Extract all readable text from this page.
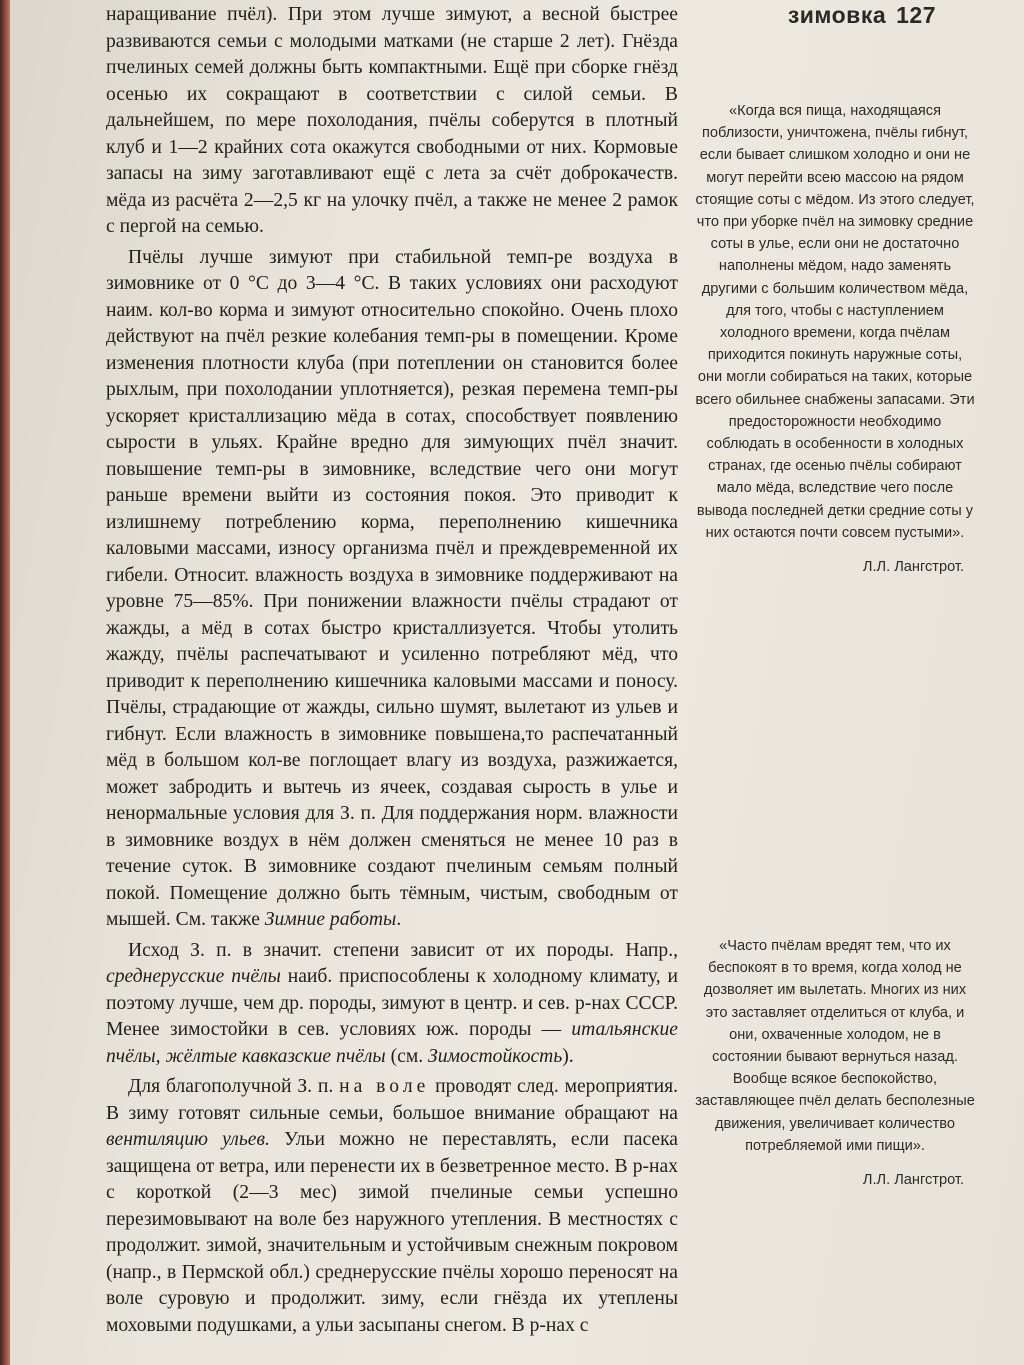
зимовка 127

наращивание пчёл). При этом лучше зимуют, а весной быстрее развиваются семьи с молодыми матками (не старше 2 лет). Гнёзда пчелиных семей должны быть компактными. Ещё при сборке гнёзд осенью их сокращают в соответствии с силой семьи. В дальнейшем, по мере похолодания, пчёлы соберутся в плотный клуб и 1—2 крайних сота окажутся свободными от них. Кормовые запасы на зиму заготавливают ещё с лета за счёт доброкачеств. мёда из расчёта 2—2,5 кг на улочку пчёл, а также не менее 2 рамок с пергой на семью.

Пчёлы лучше зимуют при стабильной темп-ре воздуха в зимовнике от 0 °С до 3—4 °С. В таких условиях они расходуют наим. кол-во корма и зимуют относительно спокойно. Очень плохо действуют на пчёл резкие колебания темп-ры в помещении. Кроме изменения плотности клуба (при потеплении он становится более рыхлым, при похолодании уплотняется), резкая перемена темп-ры ускоряет кристаллизацию мёда в сотах, способствует появлению сырости в ульях. Крайне вредно для зимующих пчёл значит. повышение темп-ры в зимовнике, вследствие чего они могут раньше времени выйти из состояния покоя. Это приводит к излишнему потреблению корма, переполнению кишечника каловыми массами, износу организма пчёл и преждевременной их гибели. Относит. влажность воздуха в зимовнике поддерживают на уровне 75—85%. При понижении влажности пчёлы страдают от жажды, а мёд в сотах быстро кристаллизуется. Чтобы утолить жажду, пчёлы распечатывают и усиленно потребляют мёд, что приводит к переполнению кишечника каловыми массами и поносу. Пчёлы, страдающие от жажды, сильно шумят, вылетают из ульев и гибнут. Если влажность в зимовнике повышена,то распечатанный мёд в большом кол-ве поглощает влагу из воздуха, разжижается, может забродить и вытечь из ячеек, создавая сырость в улье и ненормальные условия для З. п. Для поддержания норм. влажности в зимовнике воздух в нём должен сменяться не менее 10 раз в течение суток. В зимовнике создают пчелиным семьям полный покой. Помещение должно быть тёмным, чистым, свободным от мышей. См. также Зимние работы.

Исход З. п. в значит. степени зависит от их породы. Напр., среднерусские пчёлы наиб. приспособлены к холодному климату, и поэтому лучше, чем др. породы, зимуют в центр. и сев. р-нах СССР. Менее зимостойки в сев. условиях юж. породы — итальянские пчёлы, жёлтые кавказские пчёлы (см. Зимостойкость).

Для благополучной З. п. на воле проводят след. мероприятия. В зиму готовят сильные семьи, большое внимание обращают на вентиляцию ульев. Ульи можно не переставлять, если пасека защищена от ветра, или перенести их в безветренное место. В р-нах с короткой (2—3 мес) зимой пчелиные семьи успешно перезимовывают на воле без наружного утепления. В местностях с продолжит. зимой, значительным и устойчивым снежным покровом (напр., в Пермской обл.) среднерусские пчёлы хорошо переносят на воле суровую и продолжит. зиму, если гнёзда их утеплены моховыми подушками, а ульи засыпаны снегом. В р-нах с

«Когда вся пища, находящаяся поблизости, уничтожена, пчёлы гибнут, если бывает слишком холодно и они не могут перейти всею массою на рядом стоящие соты с мёдом. Из этого следует, что при уборке пчёл на зимовку средние соты в улье, если они не достаточно наполнены мёдом, надо заменять другими с большим количеством мёда, для того, чтобы с наступлением холодного времени, когда пчёлам приходится покинуть наружные соты, они могли собираться на таких, которые всего обильнее снабжены запасами. Эти предосторожности необходимо соблюдать в особенности в холодных странах, где осенью пчёлы собирают мало мёда, вследствие чего после вывода последней детки средние соты у них остаются почти совсем пустыми».
Л.Л. Лангстрот.
«Часто пчёлам вредят тем, что их беспокоят в то время, когда холод не дозволяет им вылетать. Многих из них это заставляет отделиться от клуба, и они, охваченные холодом, не в состоянии бывают вернуться назад. Вообще всякое беспокойство, заставляющее пчёл делать бесполезные движения, увеличивает количество потребляемой ими пищи».
Л.Л. Лангстрот.
